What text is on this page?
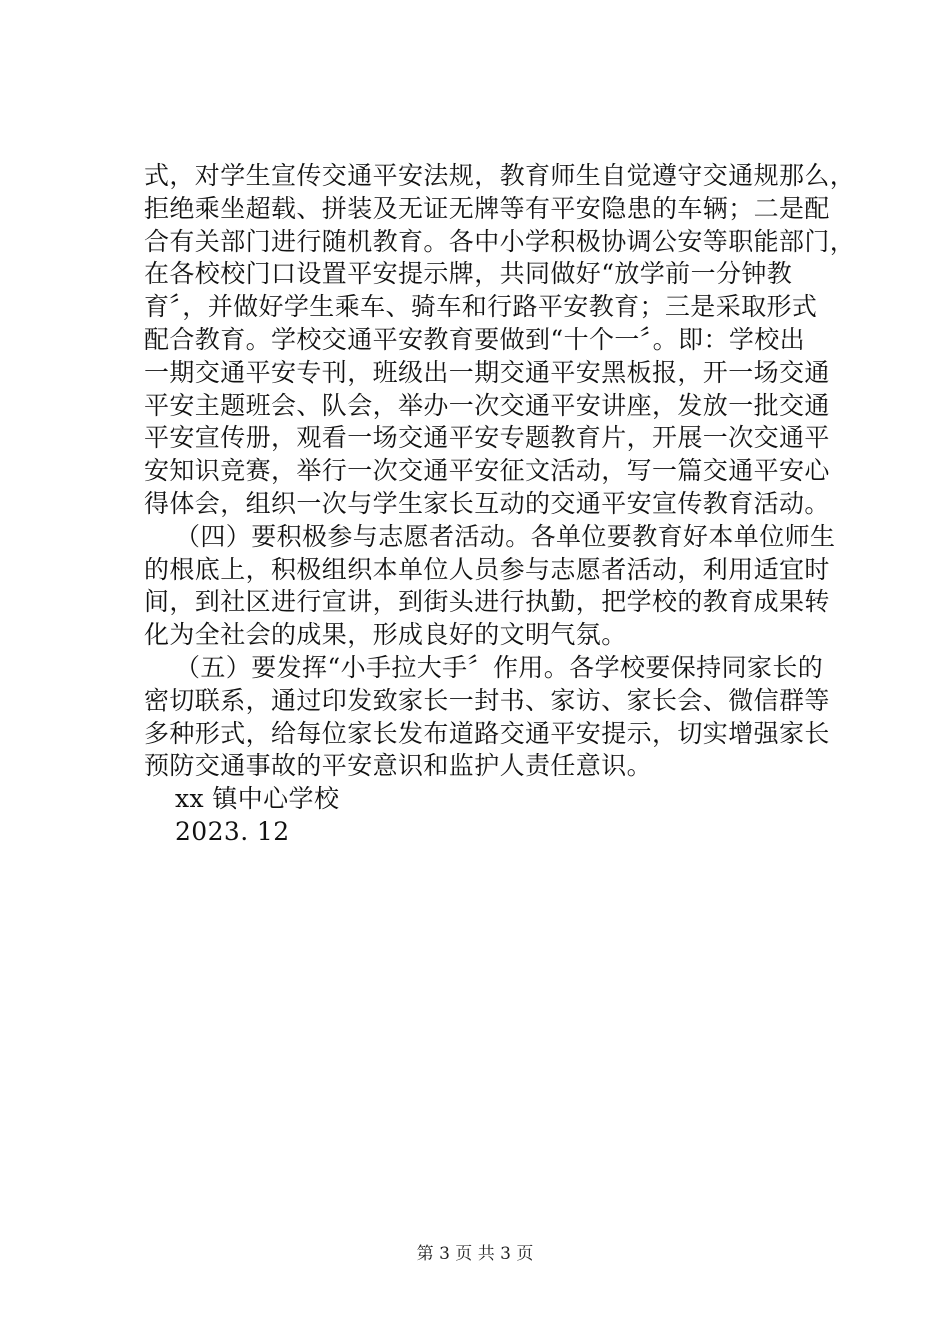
式，对学生宣传交通平安法规，教育师生自觉遵守交通规那么，
拒绝乘坐超载、拼装及无证无牌等有平安隐患的车辆；二是配
合有关部门进行随机教育。各中小学积极协调公安等职能部门，
在各校校门口设置平安提示牌，共同做好“放学前一分钟教
育〞，并做好学生乘车、骑车和行路平安教育；三是采取形式
配合教育。学校交通平安教育要做到“十个一〞。即：学校出
一期交通平安专刊，班级出一期交通平安黑板报，开一场交通
平安主题班会、队会，举办一次交通平安讲座，发放一批交通
平安宣传册，观看一场交通平安专题教育片，开展一次交通平
安知识竞赛，举行一次交通平安征文活动，写一篇交通平安心
得体会，组织一次与学生家长互动的交通平安宣传教育活动。
（四）要积极参与志愿者活动。各单位要教育好本单位师生
的根底上，积极组织本单位人员参与志愿者活动，利用适宜时
间，到社区进行宣讲，到街头进行执勤，把学校的教育成果转
化为全社会的成果，形成良好的文明气氛。
（五）要发挥“小手拉大手〞作用。各学校要保持同家长的
密切联系，通过印发致家长一封书、家访、家长会、微信群等
多种形式，给每位家长发布道路交通平安提示，切实增强家长
预防交通事故的平安意识和监护人责任意识。
xx 镇中心学校
2023. 12
第 3 页 共 3 页
